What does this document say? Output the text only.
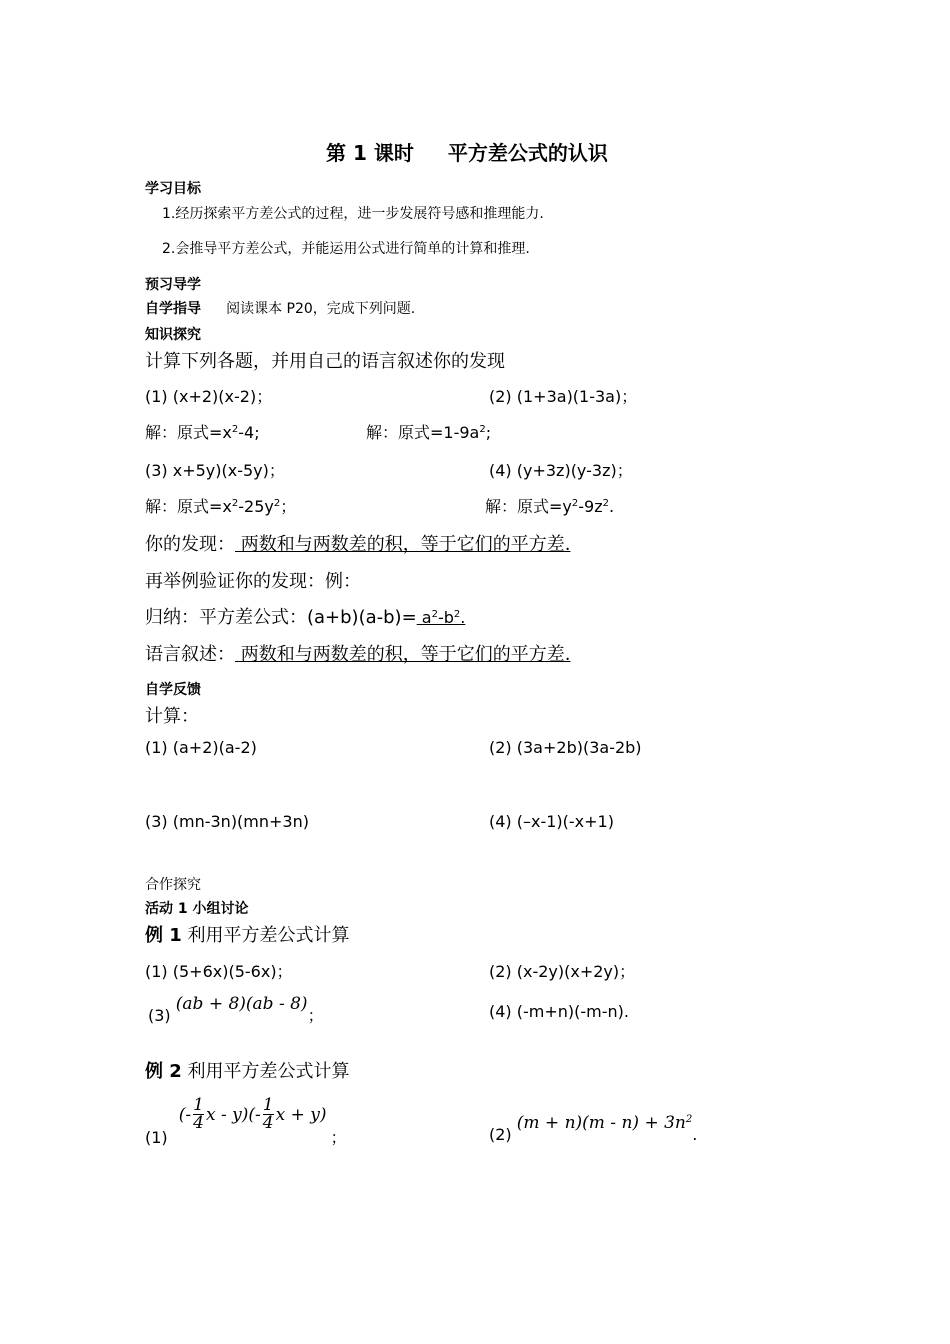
第 1 课时 平方差公式的认识
学习目标
1.经历探索平方差公式的过程，进一步发展符号感和推理能力.
2.会推导平方差公式，并能运用公式进行简单的计算和推理.
预习导学
自学指导 阅读课本 P20，完成下列问题.
知识探究
计算下列各题，并用自己的语言叙述你的发现
(1) (x+2)(x-2)；	(2) (1+3a)(1-3a)；
解：原式$=x^2-4$;	解：原式$=1-9a^2$;
(3) x+5y)(x-5y)；	(4) (y+3z)(y-3z)；
解：原式$=x^2-25y^2$；	解：原式$=y^2-9z^2$.
你的发现： 两数和与两数差的积，等于它们的平方差.
再举例验证你的发现：例：
归纳：平方差公式：$(a+b)(a-b)= a^2-b^2$.
语言叙述： 两数和与两数差的积，等于它们的平方差.
自学反馈
计算：
(1) (a+2)(a-2)	(2) (3a+2b)(3a-2b)
(3) (mn-3n)(mn+3n)	(4) (–x-1)(-x+1)
合作探究
活动 1 小组讨论
例 1 利用平方差公式计算
(1) (5+6x)(5-6x)；	(2) (x-2y)(x+2y)；
(3) (ab + 8)(ab - 8)；	(4) (-m+n)(-m-n).
例 2 利用平方差公式计算
(1)
(- $\frac{1}{4}$ x - $y)(- \frac{1}{4}$ x + y)
；	(2) $(m + n)(m - n) + 3n^2$.
